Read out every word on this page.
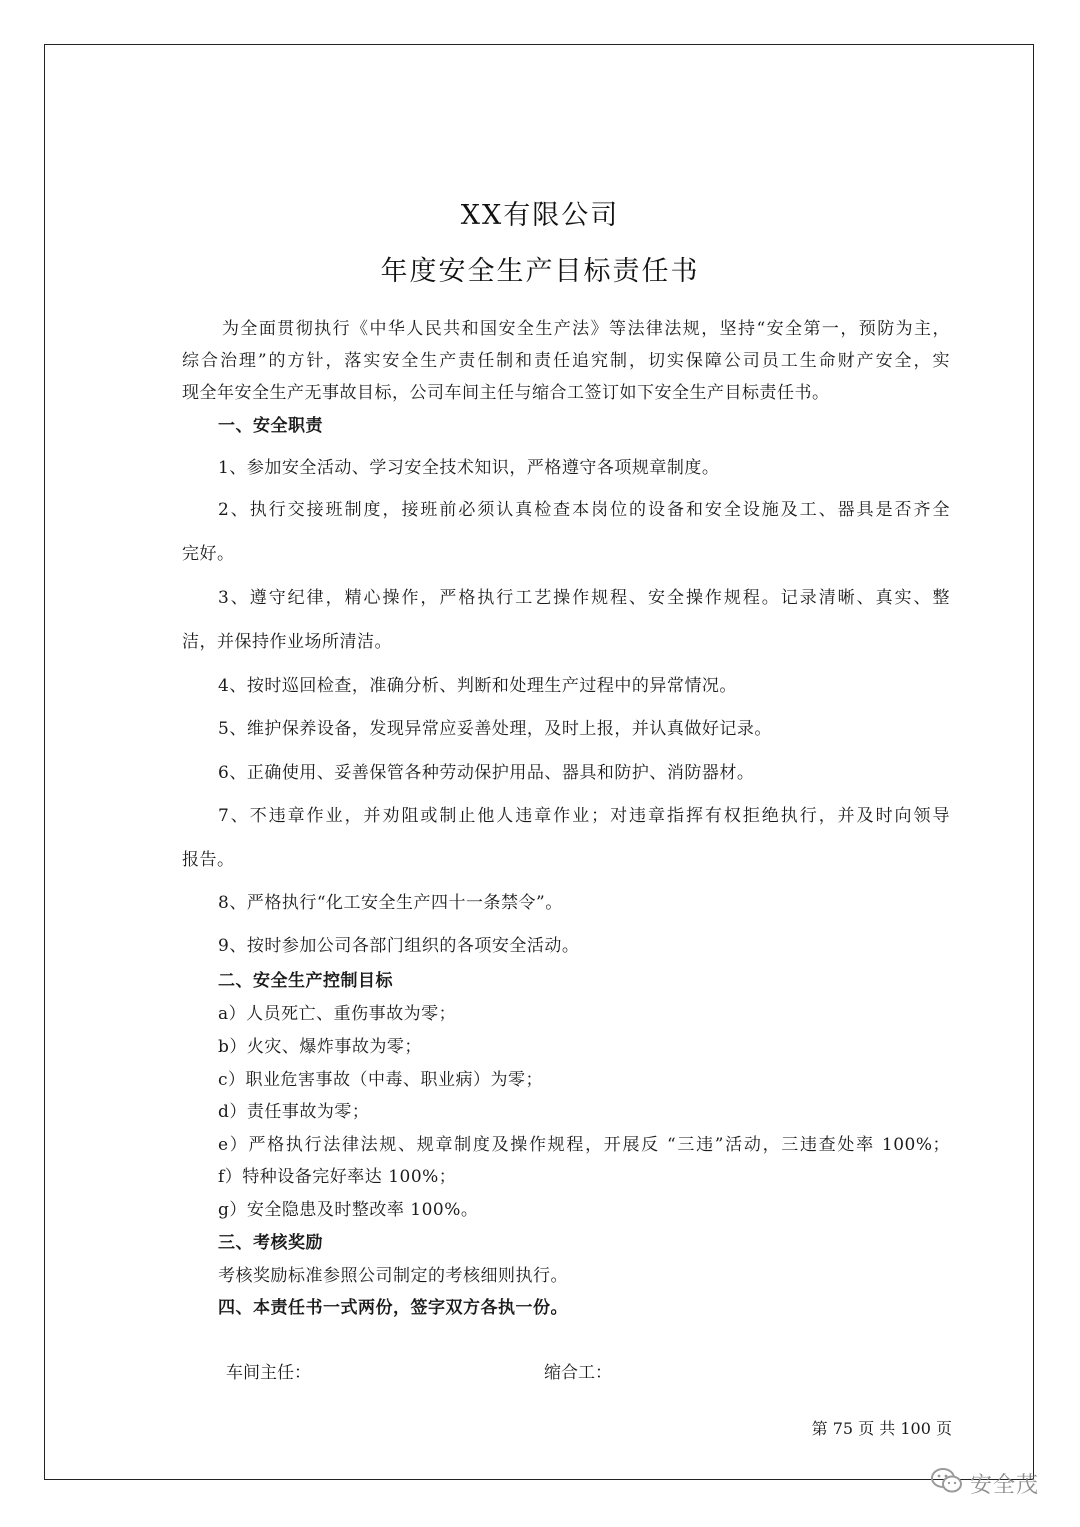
XX有限公司
年度安全生产目标责任书
为全面贯彻执行《中华人民共和国安全生产法》等法律法规，坚持“安全第一，预防为主，
综合治理”的方针，落实安全生产责任制和责任追究制，切实保障公司员工生命财产安全，实
现全年安全生产无事故目标，公司车间主任与缩合工签订如下安全生产目标责任书。
一、安全职责
1、参加安全活动、学习安全技术知识，严格遵守各项规章制度。
2、执行交接班制度，接班前必须认真检查本岗位的设备和安全设施及工、器具是否齐全
完好。
3、遵守纪律，精心操作，严格执行工艺操作规程、安全操作规程。记录清晰、真实、整
洁，并保持作业场所清洁。
4、按时巡回检查，准确分析、判断和处理生产过程中的异常情况。
5、维护保养设备，发现异常应妥善处理，及时上报，并认真做好记录。
6、正确使用、妥善保管各种劳动保护用品、器具和防护、消防器材。
7、不违章作业，并劝阻或制止他人违章作业；对违章指挥有权拒绝执行，并及时向领导
报告。
8、严格执行“化工安全生产四十一条禁令”。
9、按时参加公司各部门组织的各项安全活动。
二、安全生产控制目标
a）人员死亡、重伤事故为零；
b）火灾、爆炸事故为零；
c）职业危害事故（中毒、职业病）为零；
d）责任事故为零；
e）严格执行法律法规、规章制度及操作规程，开展反 “三违”活动，三违查处率 100%；
f）特种设备完好率达 100%；
g）安全隐患及时整改率 100%。
三、考核奖励
考核奖励标准参照公司制定的考核细则执行。
四、本责任书一式两份，签字双方各执一份。
车间主任：	缩合工：
第 75 页 共 100 页
安全茂
